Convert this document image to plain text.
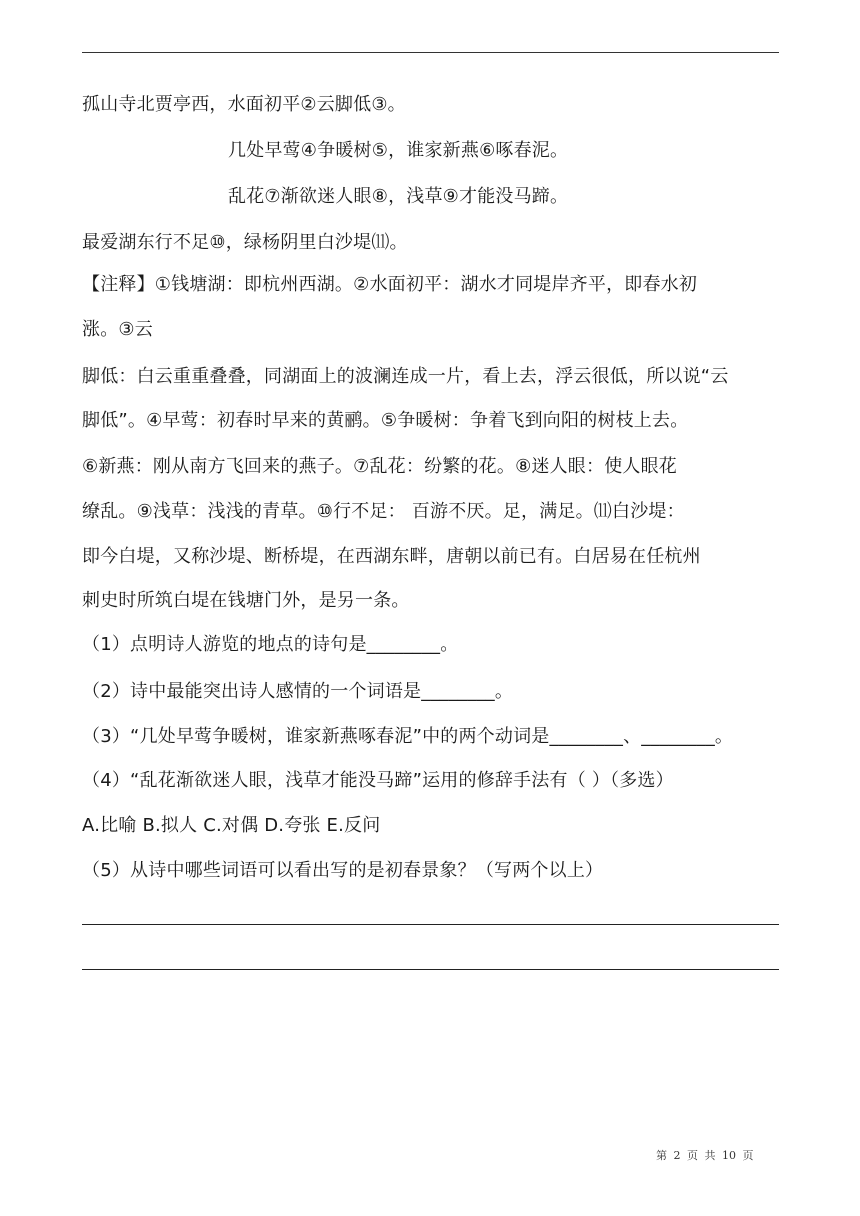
孤山寺北贾亭西，水面初平②云脚低③。
几处早莺④争暖树⑤，谁家新燕⑥啄春泥。
乱花⑦渐欲迷人眼⑧，浅草⑨才能没马蹄。
最爱湖东行不足⑩，绿杨阴里白沙堤⑾。
【注释】①钱塘湖：即杭州西湖。②水面初平：湖水才同堤岸齐平，即春水初
涨。③云
脚低：白云重重叠叠，同湖面上的波澜连成一片，看上去，浮云很低，所以说“云
脚低”。④早莺：初春时早来的黄鹂。⑤争暖树：争着飞到向阳的树枝上去。
⑥新燕：刚从南方飞回来的燕子。⑦乱花：纷繁的花。⑧迷人眼：使人眼花
缭乱。⑨浅草：浅浅的青草。⑩行不足： 百游不厌。足，满足。⑾白沙堤：
即今白堤，又称沙堤、断桥堤，在西湖东畔，唐朝以前已有。白居易在任杭州
刺史时所筑白堤在钱塘门外，是另一条。
（1）点明诗人游览的地点的诗句是________。
（2）诗中最能突出诗人感情的一个词语是________。
（3）“几处早莺争暖树，谁家新燕啄春泥”中的两个动词是________、________。
（4）“乱花渐欲迷人眼，浅草才能没马蹄”运用的修辞手法有（ ）（多选）
A.比喻 B.拟人 C.对偶 D.夸张 E.反问
（5）从诗中哪些词语可以看出写的是初春景象？（写两个以上）
第 2 页 共 10 页
